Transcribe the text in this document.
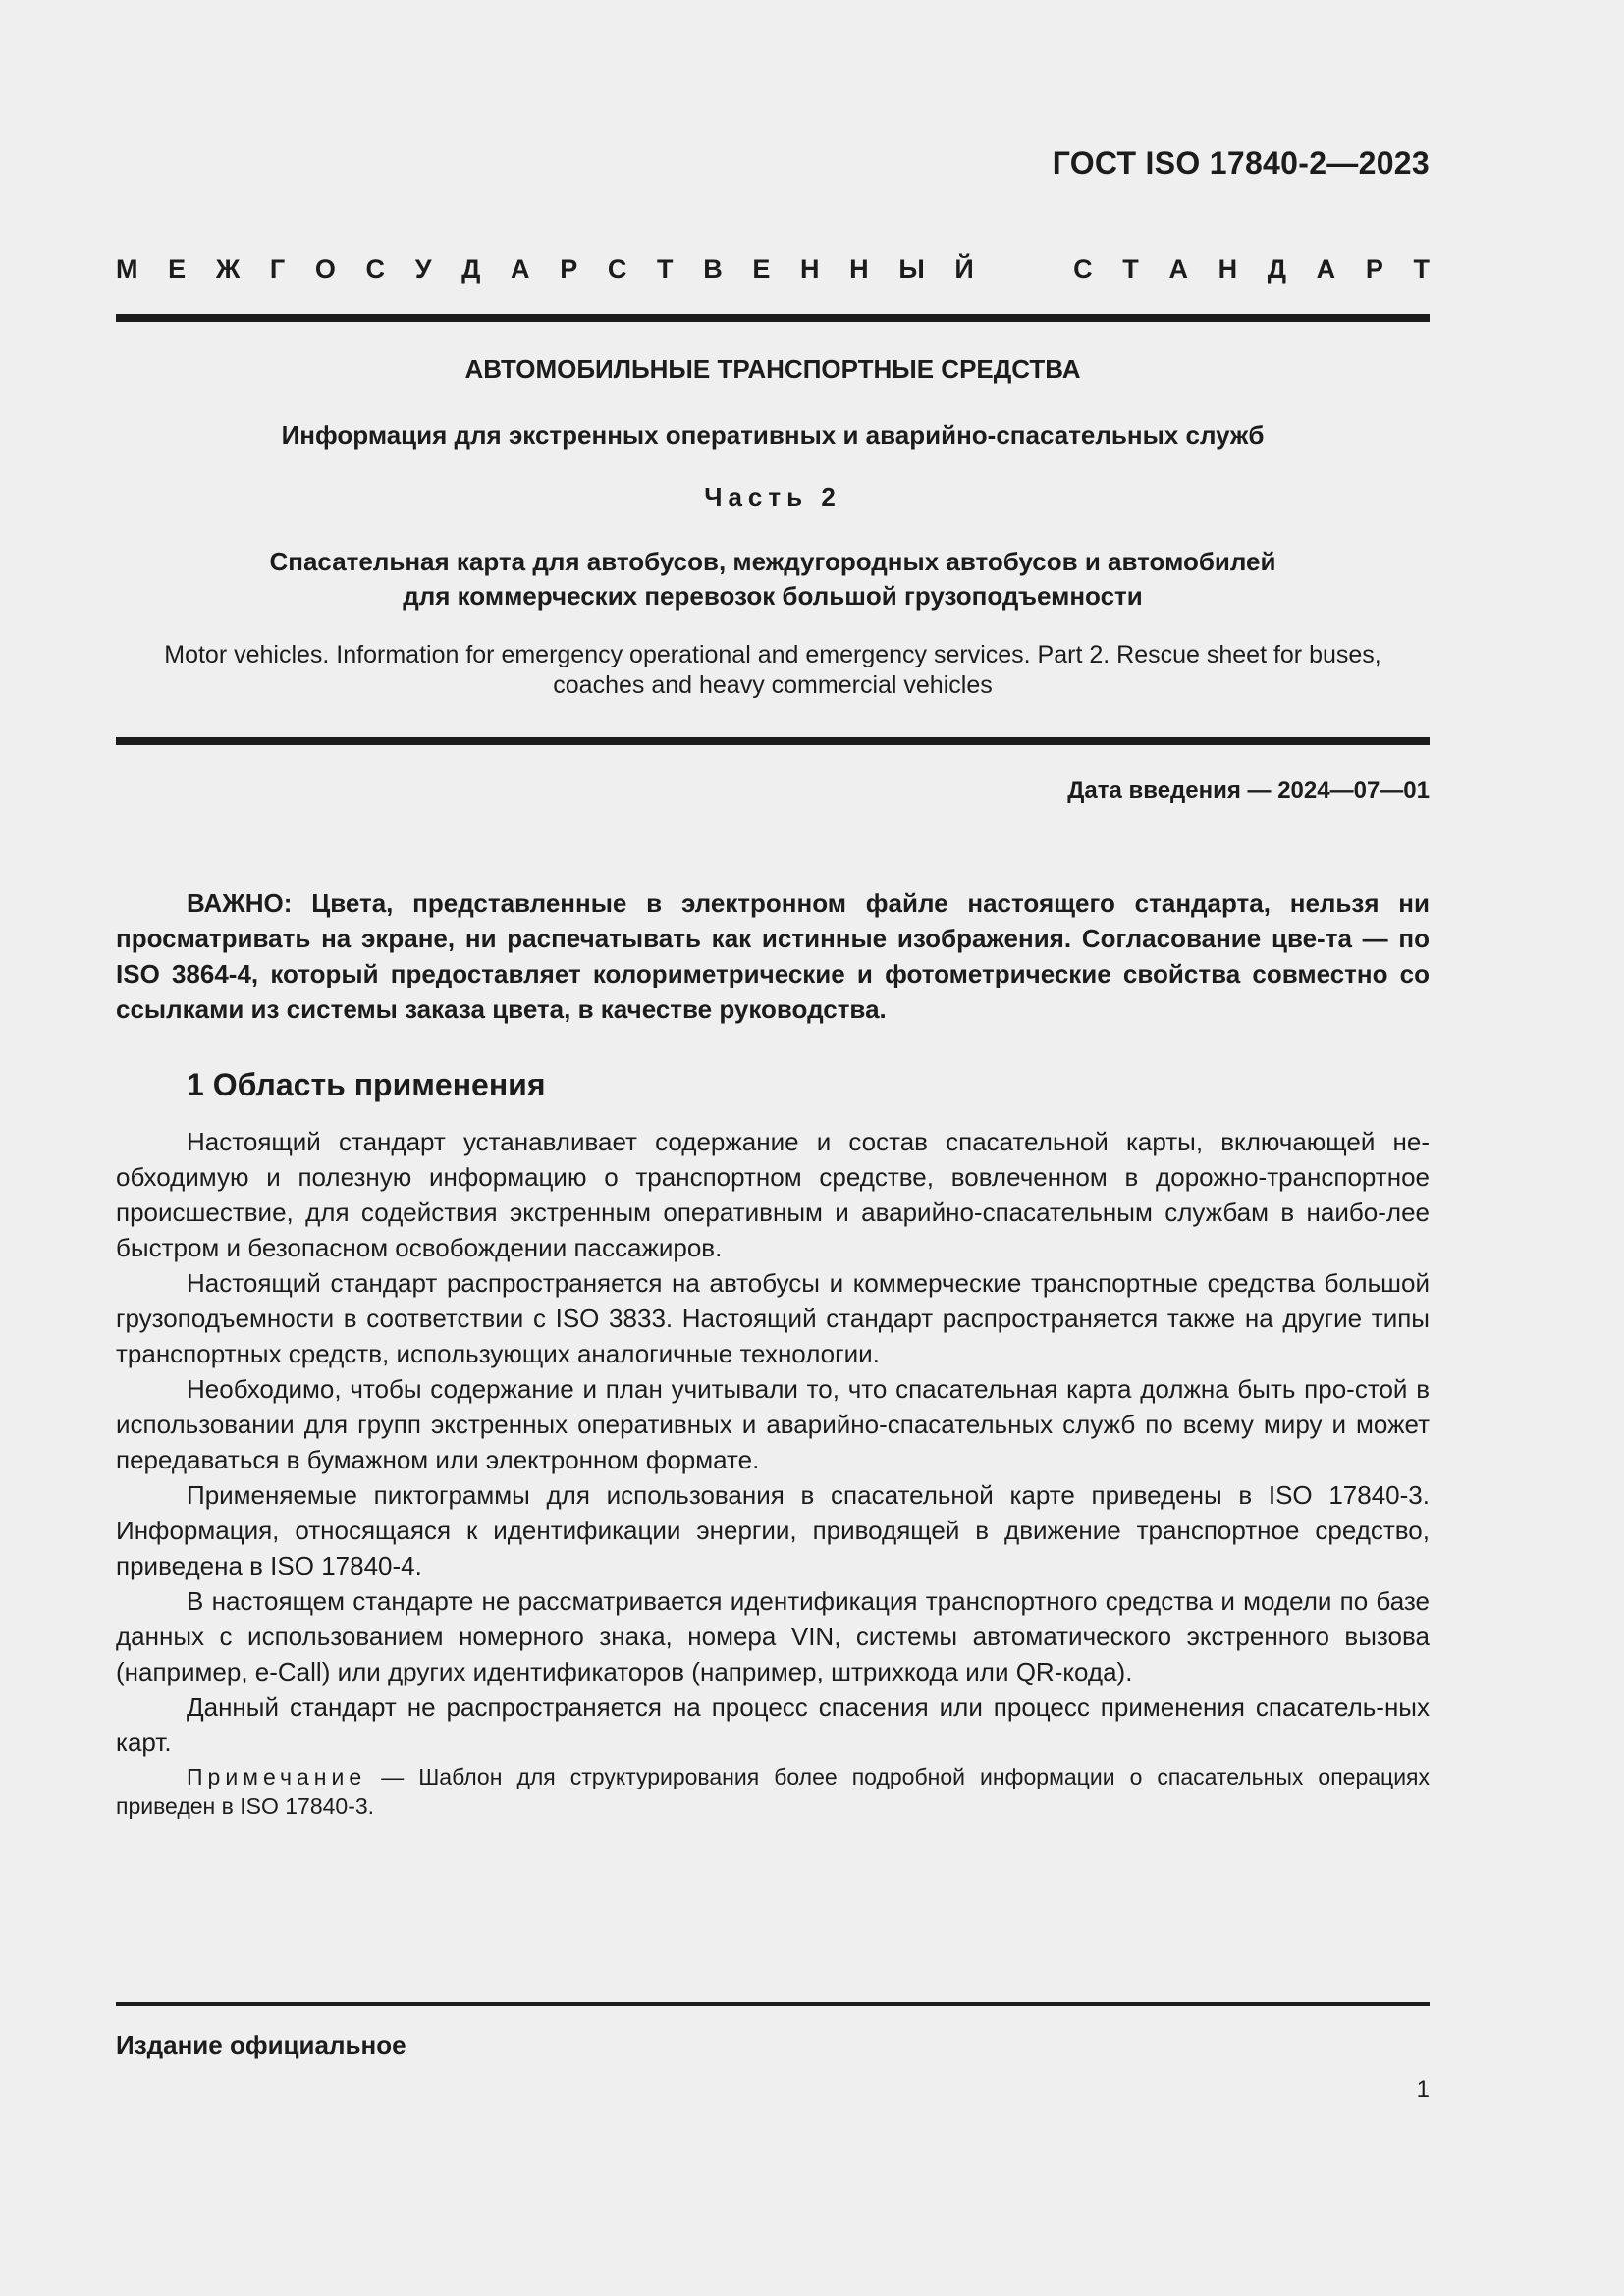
ГОСТ ISO 17840-2—2023
М Е Ж Г О С У Д А Р С Т В Е Н Н Ы Й	С Т А Н Д А Р Т
АВТОМОБИЛЬНЫЕ ТРАНСПОРТНЫЕ СРЕДСТВА
Информация для экстренных оперативных и аварийно-спасательных служб
Часть 2
Спасательная карта для автобусов, междугородных автобусов и автомобилей
для коммерческих перевозок большой грузоподъемности
Motor vehicles. Information for emergency operational and emergency services. Part 2. Rescue sheet for buses,
coaches and heavy commercial vehicles
Дата введения — 2024—07—01
ВАЖНО: Цвета, представленные в электронном файле настоящего стандарта, нельзя ни просматривать на экране, ни распечатывать как истинные изображения. Согласование цве-та — по ISO 3864-4, который предоставляет колориметрические и фотометрические свойства совместно со ссылками из системы заказа цвета, в качестве руководства.
1 Область применения

Настоящий стандарт устанавливает содержание и состав спасательной карты, включающей не-обходимую и полезную информацию о транспортном средстве, вовлеченном в дорожно-транспортное происшествие, для содействия экстренным оперативным и аварийно-спасательным службам в наибо-лее быстром и безопасном освобождении пассажиров.

Настоящий стандарт распространяется на автобусы и коммерческие транспортные средства большой грузоподъемности в соответствии с ISO 3833. Настоящий стандарт распространяется также на другие типы транспортных средств, использующих аналогичные технологии.

Необходимо, чтобы содержание и план учитывали то, что спасательная карта должна быть про-стой в использовании для групп экстренных оперативных и аварийно-спасательных служб по всему миру и может передаваться в бумажном или электронном формате.

Применяемые пиктограммы для использования в спасательной карте приведены в ISO 17840-3. Информация, относящаяся к идентификации энергии, приводящей в движение транспортное средство, приведена в ISO 17840-4.

В настоящем стандарте не рассматривается идентификация транспортного средства и модели по базе данных с использованием номерного знака, номера VIN, системы автоматического экстренного вызова (например, e-Call) или других идентификаторов (например, штрихкода или QR-кода).

Данный стандарт не распространяется на процесс спасения или процесс применения спасатель-ных карт.

Примечание — Шаблон для структурирования более подробной информации о спасательных операциях приведен в ISO 17840-3.

Издание официальное
1
